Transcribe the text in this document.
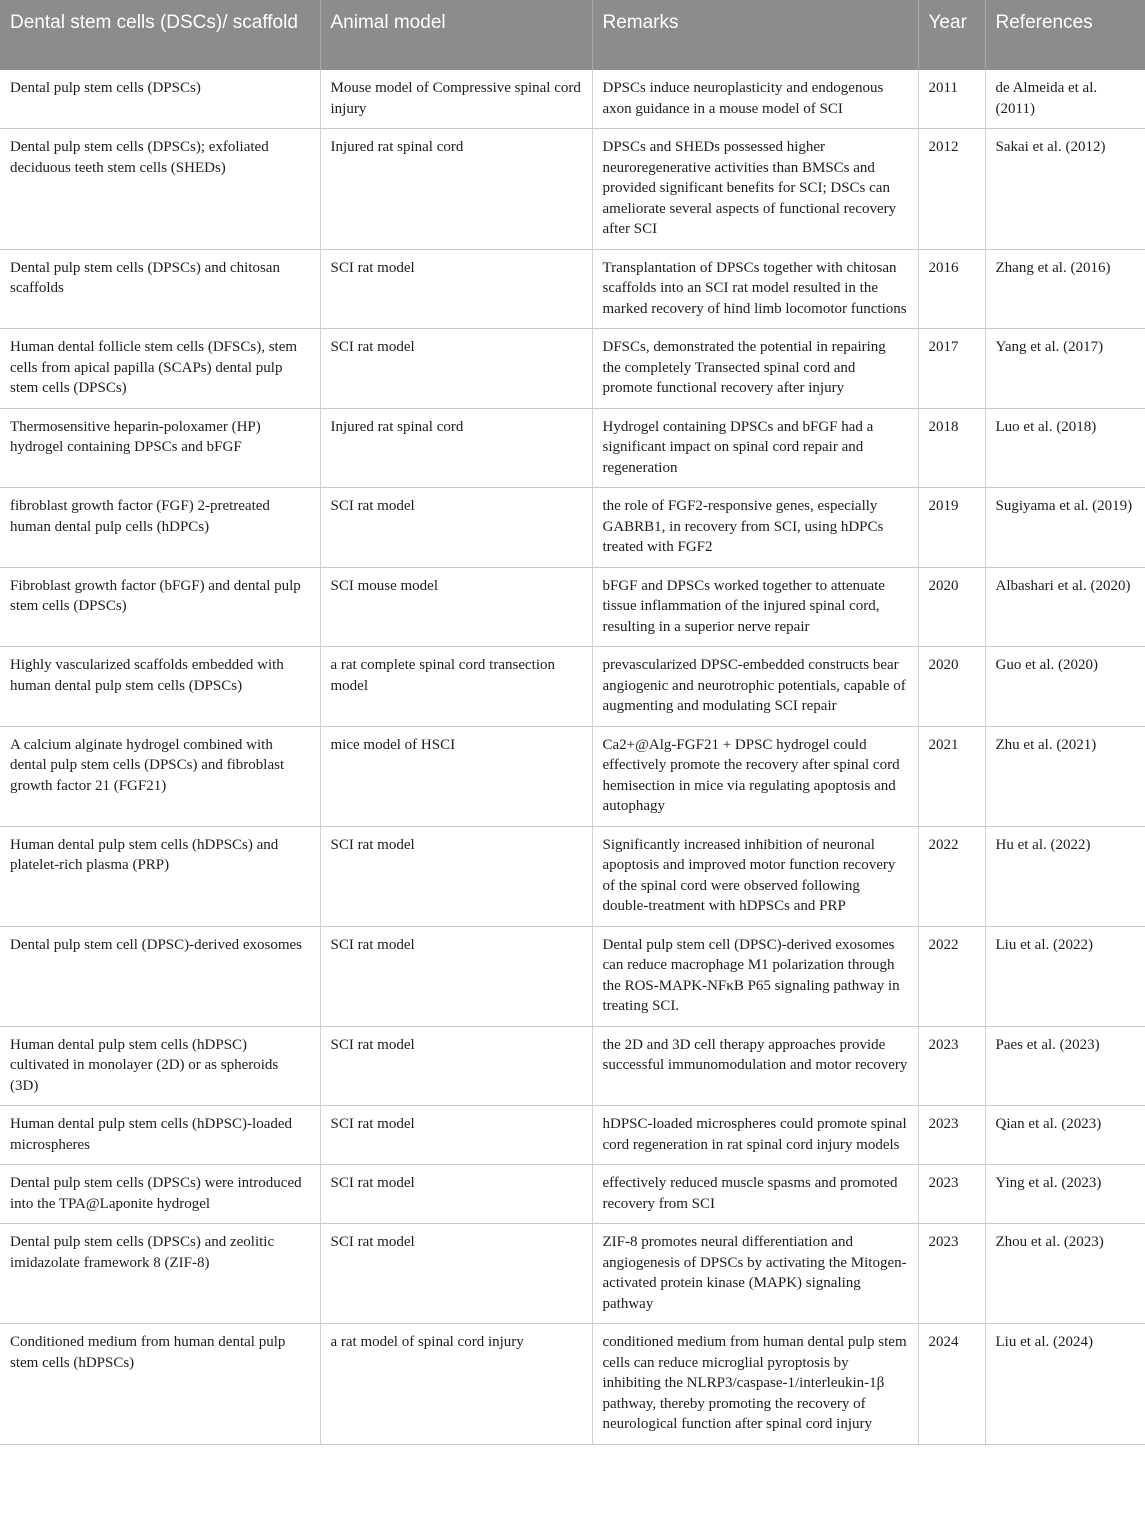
Dental stem cells (DSCs)/ scaffold	Animal model	Remarks	Year	References
Dental pulp stem cells (DPSCs)	Mouse model of Compressive spinal cord injury	DPSCs induce neuroplasticity and endogenous axon guidance in a mouse model of SCI	2011	de Almeida et al. (2011)
Dental pulp stem cells (DPSCs); exfoliated deciduous teeth stem cells (SHEDs)	Injured rat spinal cord	DPSCs and SHEDs possessed higher neuroregenerative activities than BMSCs and provided significant benefits for SCI; DSCs can ameliorate several aspects of functional recovery after SCI	2012	Sakai et al. (2012)
Dental pulp stem cells (DPSCs) and chitosan scaffolds	SCI rat model	Transplantation of DPSCs together with chitosan scaffolds into an SCI rat model resulted in the marked recovery of hind limb locomotor functions	2016	Zhang et al. (2016)
Human dental follicle stem cells (DFSCs), stem cells from apical papilla (SCAPs) dental pulp stem cells (DPSCs)	SCI rat model	DFSCs, demonstrated the potential in repairing the completely Transected spinal cord and promote functional recovery after injury	2017	Yang et al. (2017)
Thermosensitive heparin-poloxamer (HP) hydrogel containing DPSCs and bFGF	Injured rat spinal cord	Hydrogel containing DPSCs and bFGF had a significant impact on spinal cord repair and regeneration	2018	Luo et al. (2018)
fibroblast growth factor (FGF) 2-pretreated human dental pulp cells (hDPCs)	SCI rat model	the role of FGF2-responsive genes, especially GABRB1, in recovery from SCI, using hDPCs treated with FGF2	2019	Sugiyama et al. (2019)
Fibroblast growth factor (bFGF) and dental pulp stem cells (DPSCs)	SCI mouse model	bFGF and DPSCs worked together to attenuate tissue inflammation of the injured spinal cord, resulting in a superior nerve repair	2020	Albashari et al. (2020)
Highly vascularized scaffolds embedded with human dental pulp stem cells (DPSCs)	a rat complete spinal cord transection model	prevascularized DPSC-embedded constructs bear angiogenic and neurotrophic potentials, capable of augmenting and modulating SCI repair	2020	Guo et al. (2020)
A calcium alginate hydrogel combined with dental pulp stem cells (DPSCs) and fibroblast growth factor 21 (FGF21)	mice model of HSCI	Ca2+@Alg-FGF21 + DPSC hydrogel could effectively promote the recovery after spinal cord hemisection in mice via regulating apoptosis and autophagy	2021	Zhu et al. (2021)
Human dental pulp stem cells (hDPSCs) and platelet-rich plasma (PRP)	SCI rat model	Significantly increased inhibition of neuronal apoptosis and improved motor function recovery of the spinal cord were observed following double-treatment with hDPSCs and PRP	2022	Hu et al. (2022)
Dental pulp stem cell (DPSC)-derived exosomes	SCI rat model	Dental pulp stem cell (DPSC)-derived exosomes can reduce macrophage M1 polarization through the ROS-MAPK-NFκB P65 signaling pathway in treating SCI.	2022	Liu et al. (2022)
Human dental pulp stem cells (hDPSC) cultivated in monolayer (2D) or as spheroids (3D)	SCI rat model	the 2D and 3D cell therapy approaches provide successful immunomodulation and motor recovery	2023	Paes et al. (2023)
Human dental pulp stem cells (hDPSC)-loaded microspheres	SCI rat model	hDPSC-loaded microspheres could promote spinal cord regeneration in rat spinal cord injury models	2023	Qian et al. (2023)
Dental pulp stem cells (DPSCs) were introduced into the TPA@Laponite hydrogel	SCI rat model	effectively reduced muscle spasms and promoted recovery from SCI	2023	Ying et al. (2023)
Dental pulp stem cells (DPSCs) and zeolitic imidazolate framework 8 (ZIF-8)	SCI rat model	ZIF-8 promotes neural differentiation and angiogenesis of DPSCs by activating the Mitogen-activated protein kinase (MAPK) signaling pathway	2023	Zhou et al. (2023)
Conditioned medium from human dental pulp stem cells (hDPSCs)	a rat model of spinal cord injury	conditioned medium from human dental pulp stem cells can reduce microglial pyroptosis by inhibiting the NLRP3/caspase-1/interleukin-1β pathway, thereby promoting the recovery of neurological function after spinal cord injury	2024	Liu et al. (2024)
